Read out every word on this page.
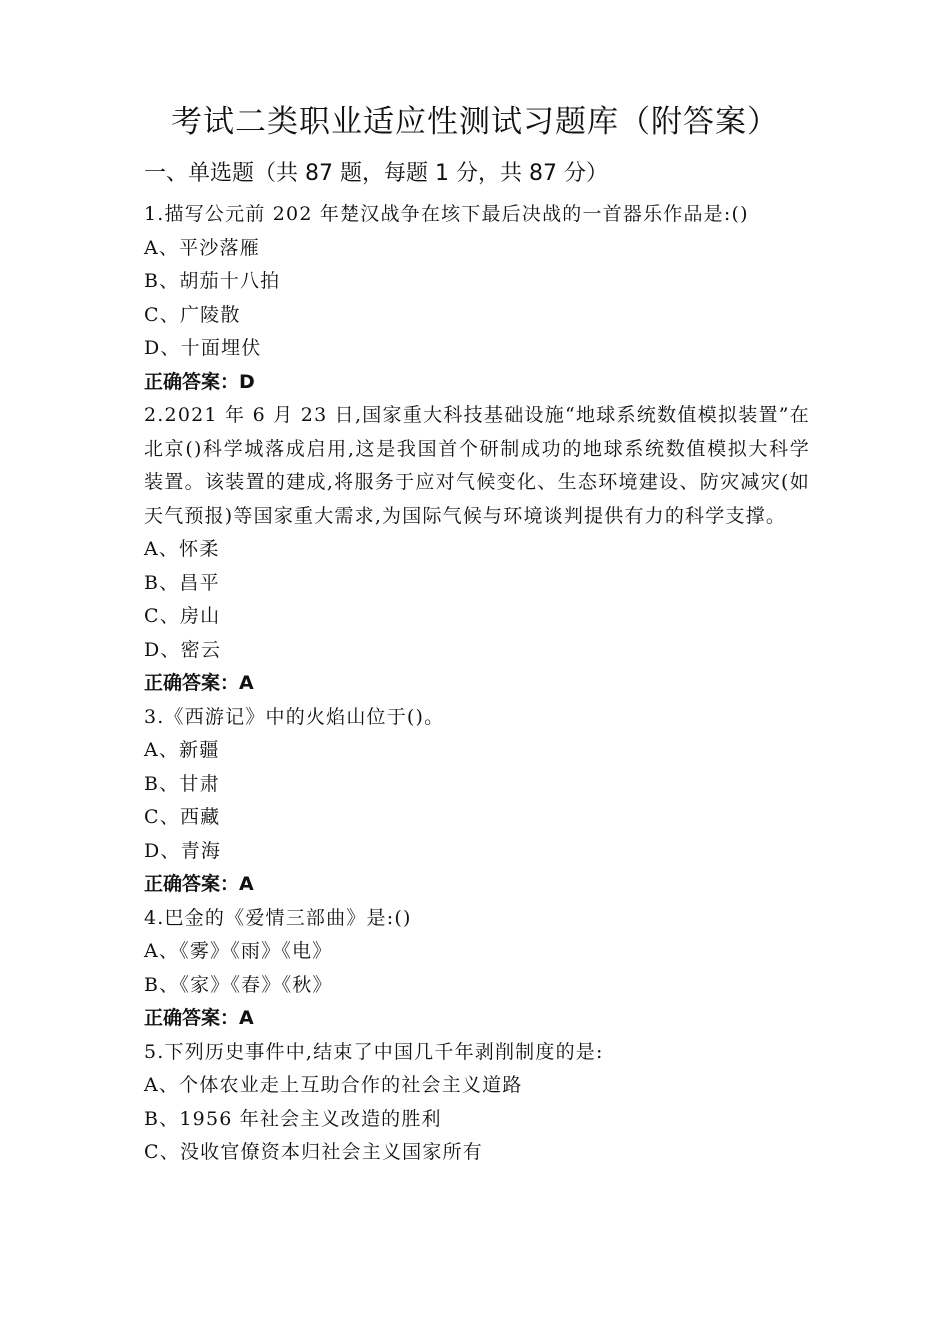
考试二类职业适应性测试习题库（附答案）
一、单选题（共 87 题，每题 1 分，共 87 分）
1.描写公元前 202 年楚汉战争在垓下最后决战的一首器乐作品是:()
A、平沙落雁
B、胡茄十八拍
C、广陵散
D、十面埋伏
正确答案：D
2.2021 年 6 月 23 日,国家重大科技基础设施“地球系统数值模拟装置”在北京()科学城落成启用,这是我国首个研制成功的地球系统数值模拟大科学装置。该装置的建成,将服务于应对气候变化、生态环境建设、防灾减灾(如天气预报)等国家重大需求,为国际气候与环境谈判提供有力的科学支撑。
A、怀柔
B、昌平
C、房山
D、密云
正确答案：A
3.《西游记》中的火焰山位于()。
A、新疆
B、甘肃
C、西藏
D、青海
正确答案：A
4.巴金的《爱情三部曲》是:()
A、《雾》《雨》《电》
B、《家》《春》《秋》
正确答案：A
5.下列历史事件中,结束了中国几千年剥削制度的是:
A、个体农业走上互助合作的社会主义道路
B、1956 年社会主义改造的胜利
C、没收官僚资本归社会主义国家所有
